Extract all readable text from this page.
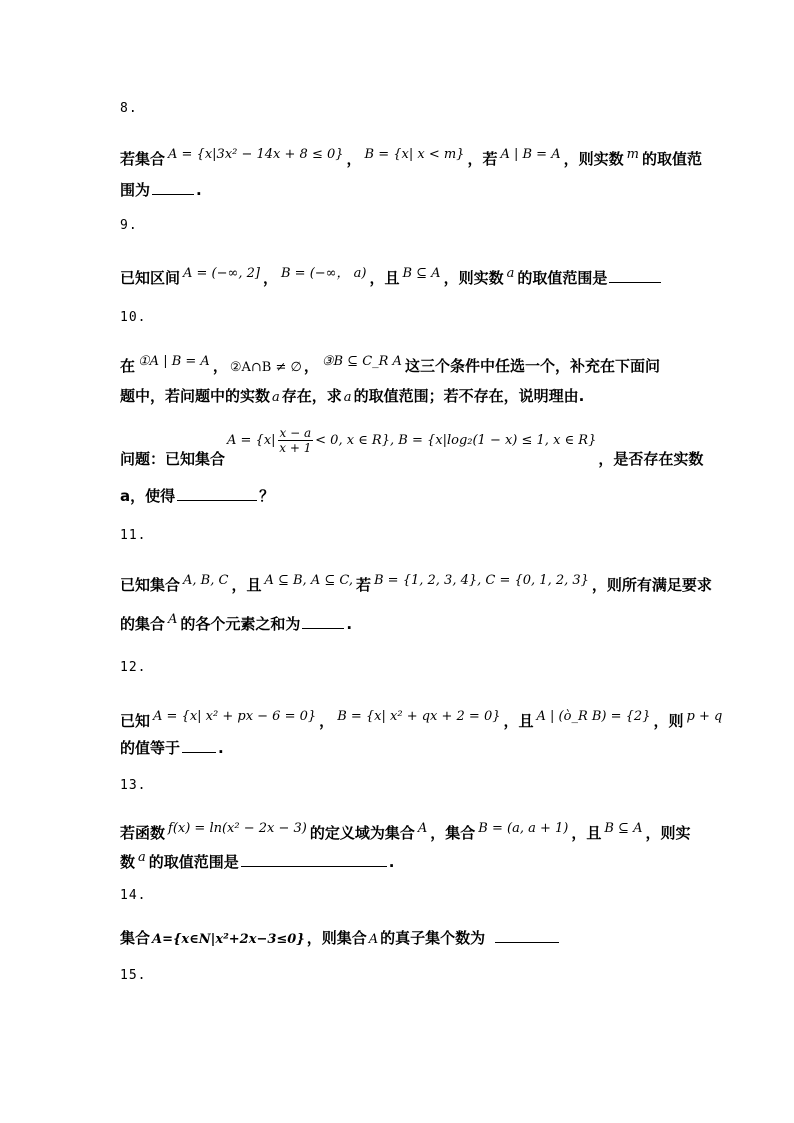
8.
若集合 A = {x|3x² − 14x + 8 ≤ 0} ， B = {x| x < m} ，若 A | B = A ，则实数 m 的取值范
围为	.
9.
已知区间 A = (−∞, 2] ， B = (−∞， a) ，且 B ⊆ A ，则实数 a 的取值范围是
10.
在 ①A | B = A ， ②A∩B ≠ ∅ ， ③B ⊆ C_R A 这三个条件中任选一个，补充在下面问
题中，若问题中的实数 a 存在，求 a 的取值范围；若不存在，说明理由.
问题：已知集合$A = \{x| \frac{x - a}{x + 1} < 0$, x ∈ R}, B = {x|log₂(1 − x) ≤ 1, x ∈ R}，是否存在实数
a，使得	？
11.
已知集合 A, B, C ，且 A ⊆ B, A ⊆ C, 若 B = {1, 2, 3, 4}, C = {0, 1, 2, 3} ，则所有满足要求
的集合 A 的各个元素之和为	.
12.
已知 A = {x| x² + px − 6 = 0} ， B = {x| x² + qx + 2 = 0} ，且 A | (ò_R B) = {2} ，则 p + q
的值等于	.
13.
若函数 f(x) = ln(x² − 2x − 3) 的定义域为集合 A ，集合 B = (a, a + 1) ，且 B ⊆ A ，则实
数 a 的取值范围是	.
14.
集合 A={x∈N|x²+2x−3≤0} ，则集合 A 的真子集个数为
15.
